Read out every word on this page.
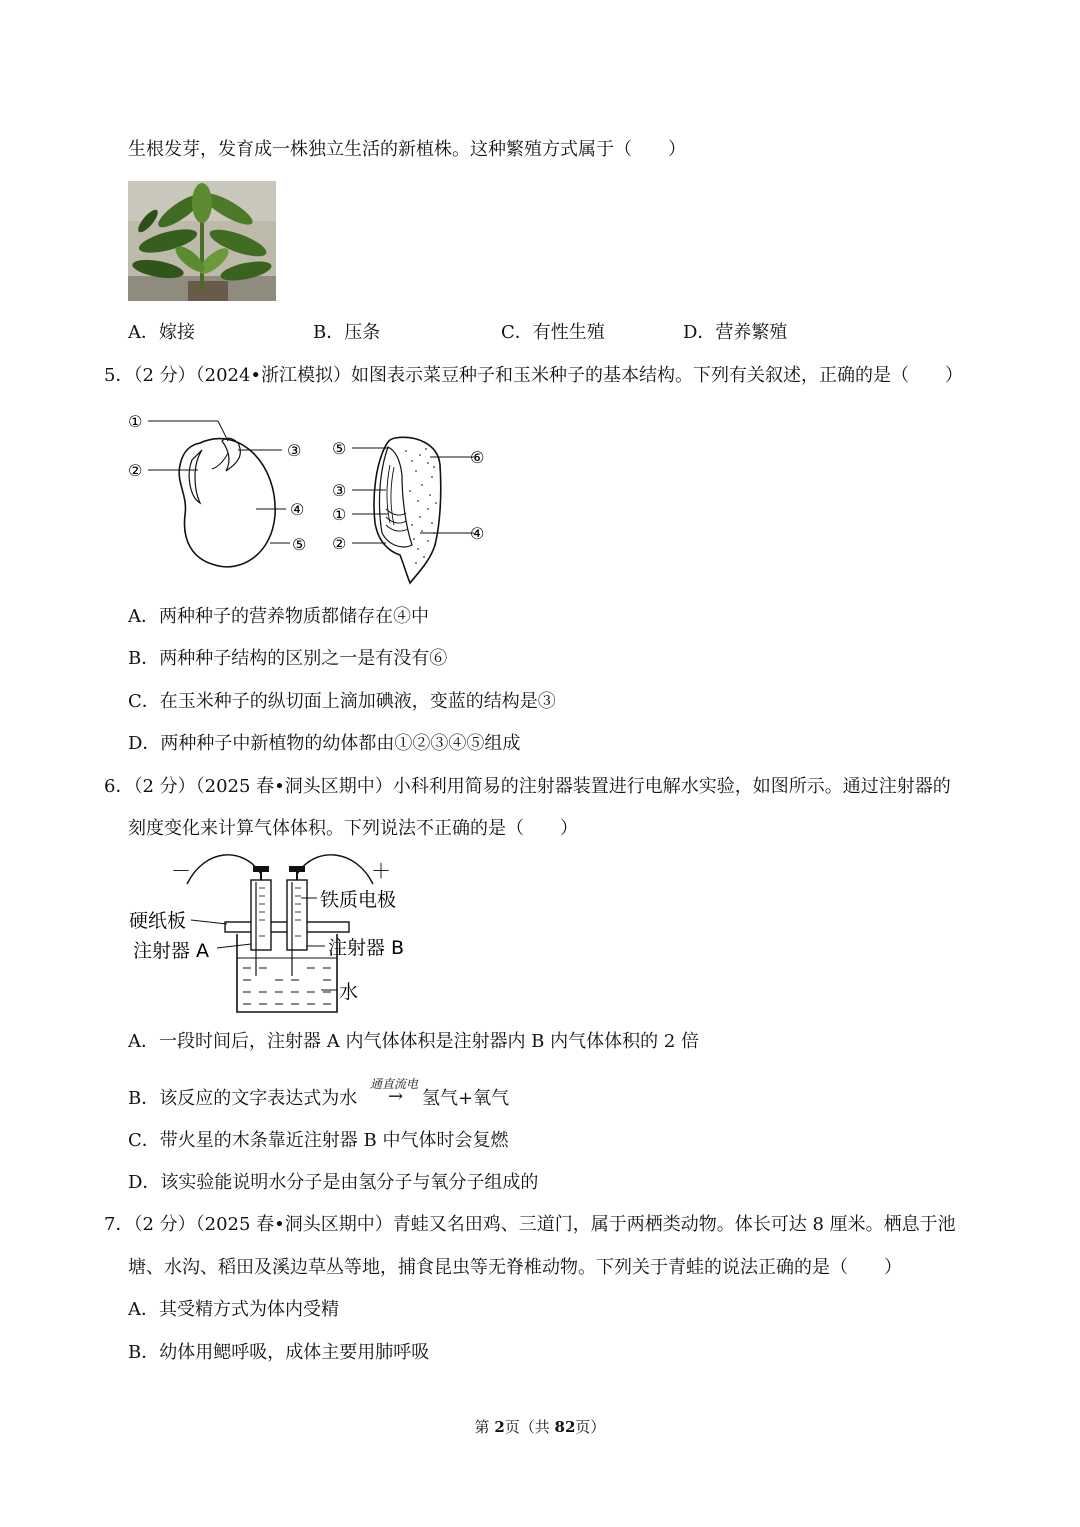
生根发芽，发育成一株独立生活的新植株。这种繁殖方式属于（　　）
A．嫁接	B．压条	C．有性生殖	D．营养繁殖
5．（2 分）（2024•浙江模拟）如图表示菜豆种子和玉米种子的基本结构。下列有关叙述，正确的是（　　）
①
②
③
④
⑤
⑤	⑥
③
①
②
④
A．两种种子的营养物质都储存在④中
B．两种种子结构的区别之一是有没有⑥
C．在玉米种子的纵切面上滴加碘液，变蓝的结构是③
D．两种种子中新植物的幼体都由①②③④⑤组成
6．（2 分）（2025 春•洞头区期中）小科利用简易的注射器装置进行电解水实验，如图所示。通过注射器的
刻度变化来计算气体体积。下列说法不正确的是（　　）
－	＋
铁质电极
硬纸板
注射器 A	注射器 B
水
A．一段时间后，注射器 A 内气体体积是注射器内 B 内气体体积的 2 倍
B．该反应的文字表达式为水
通直流电
→ 氢气+氧气
C．带火星的木条靠近注射器 B 中气体时会复燃
D．该实验能说明水分子是由氢分子与氧分子组成的
7．（2 分）（2025 春•洞头区期中）青蛙又名田鸡、三道门，属于两栖类动物。体长可达 8 厘米。栖息于池
塘、水沟、稻田及溪边草丛等地，捕食昆虫等无脊椎动物。下列关于青蛙的说法正确的是（　　）
A．其受精方式为体内受精
B．幼体用鳃呼吸，成体主要用肺呼吸
第 2页（共 82页）
